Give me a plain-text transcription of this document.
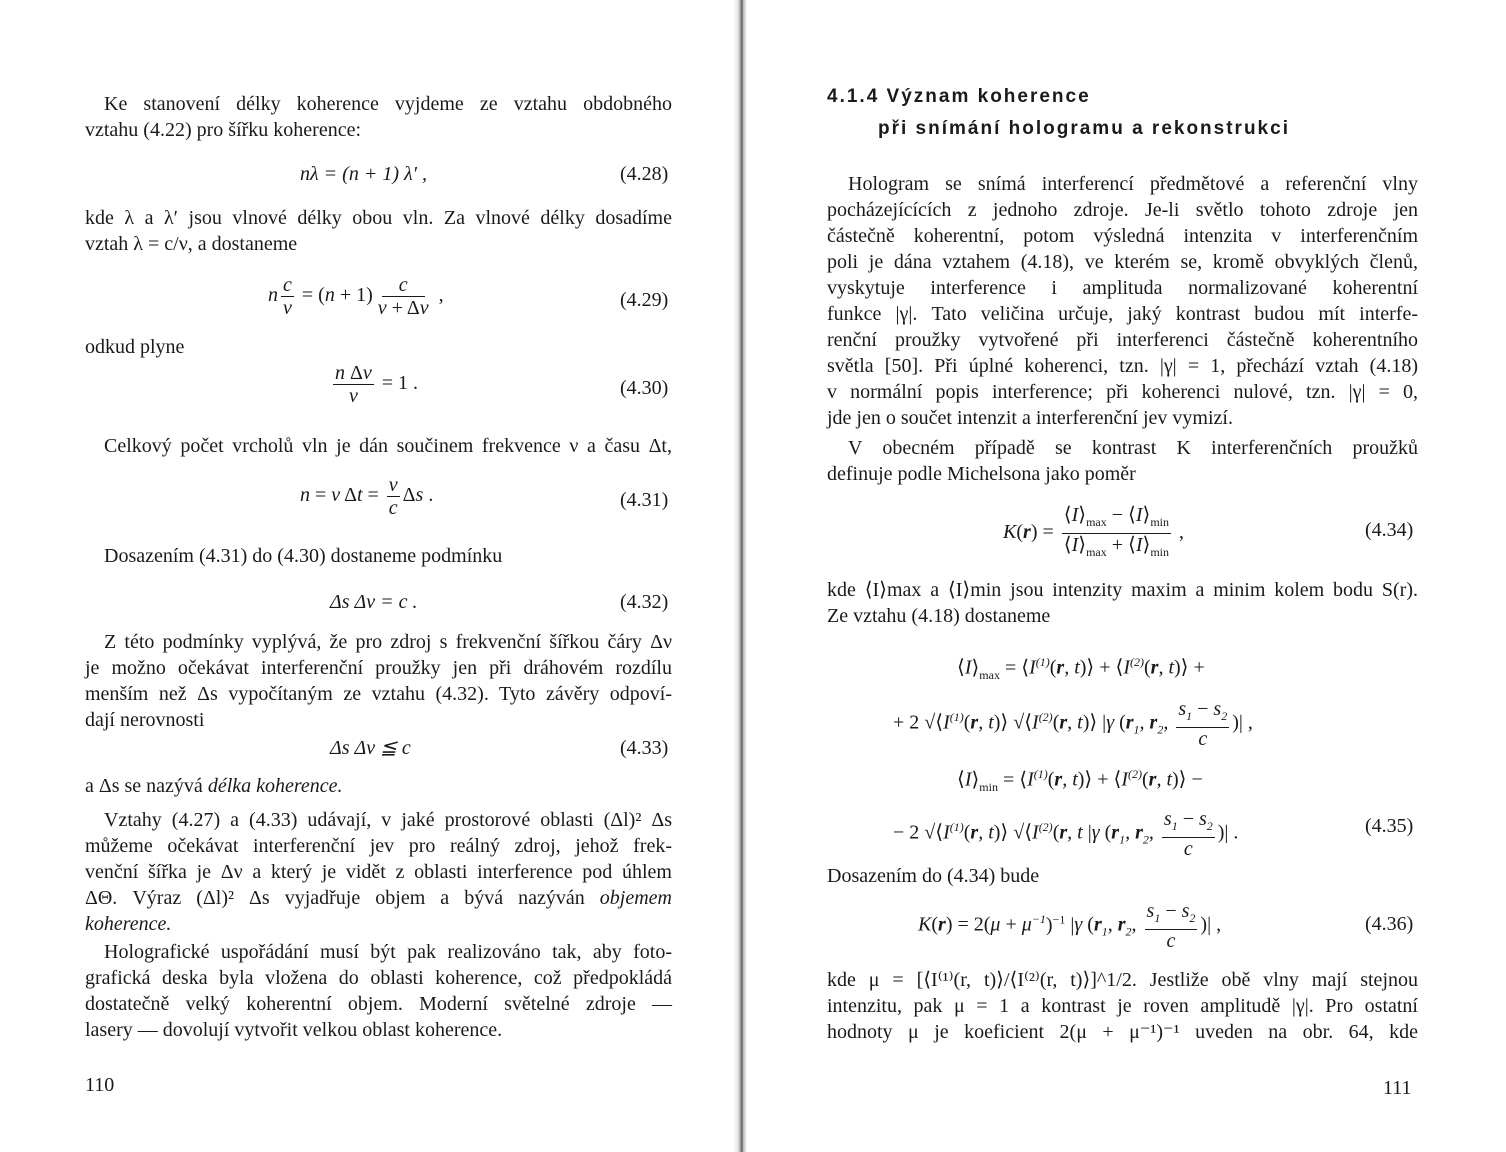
Ke stanovení délky koherence vyjdeme ze vztahu obdobného
vztahu (4.22) pro šířku koherence:
nλ = (n + 1) λ′ ,	(4.28)
kde λ a λ′ jsou vlnové délky obou vln. Za vlnové délky dosadíme
vztah λ = c/ν, a dostaneme
n $\frac{c}{\nu} = (n + 1) \frac{c}{\nu + \Delta\nu}$ ,	(4.29)
odkud plyne
$\frac{\text{n Δν}}{\nu} = 1$ .	(4.30)
Celkový počet vrcholů vln je dán součinem frekvence ν a času Δt,
n = ν $\Delta t = \frac{\nu}{c}$ Δs .	(4.31)
Dosazením (4.31) do (4.30) dostaneme podmínku
Δs Δν = c .	(4.32)
Z této podmínky vyplývá, že pro zdroj s frekvenční šířkou čáry Δν
je možno očekávat interferenční proužky jen při dráhovém rozdílu
menším než Δs vypočítaným ze vztahu (4.32). Tyto závěry odpoví-
dají nerovnosti
Δs Δν ≦ c	(4.33)
a Δs se nazývá délka koherence.
Vztahy (4.27) a (4.33) udávají, v jaké prostorové oblasti (Δl)² Δs
můžeme očekávat interferenční jev pro reálný zdroj, jehož frek-
venční šířka je Δν a který je vidět z oblasti interference pod úhlem
ΔΘ. Výraz (Δl)² Δs vyjadřuje objem a bývá nazýván objemem
koherence.
Holografické uspořádání musí být pak realizováno tak, aby foto-
grafická deska byla vložena do oblasti koherence, což předpokládá
dostatečně velký koherentní objem. Moderní světelné zdroje —
lasery — dovolují vytvořit velkou oblast koherence.
110
4.1.4 Význam koherence
při snímání hologramu a rekonstrukci
Hologram se snímá interferencí předmětové a referenční vlny
pocházejícících z jednoho zdroje. Je-li světlo tohoto zdroje jen
částečně koherentní, potom výsledná intenzita v interferenčním
poli je dána vztahem (4.18), ve kterém se, kromě obvyklých členů,
vyskytuje interference i amplituda normalizované koherentní
funkce |γ|. Tato veličina určuje, jaký kontrast budou mít interfe-
renční proužky vytvořené při interferenci částečně koherentního
světla [50]. Při úplné koherenci, tzn. |γ| = 1, přechází vztah (4.18)
v normální popis interference; při koherenci nulové, tzn. |γ| = 0,
jde jen o součet intenzit a interferenční jev vymizí.
V obecném případě se kontrast K interferenčních proužků
definuje podle Michelsona jako poměr
$K(r) = \frac{⟨I⟩_{max} - ⟨I⟩_{min}}{⟨I⟩_{max} + ⟨I⟩_{min}}$ ,	(4.34)
kde ⟨I⟩max a ⟨I⟩min jsou intenzity maxim a minim kolem bodu S(r).
Ze vztahu (4.18) dostaneme
$⟨I⟩_{max}$ = $⟨I^{(1)}(r$, t)⟩ + $⟨I^{(2)}(r$, t)⟩ +
+ 2 $√⟨I^{(1)}(r$, t)⟩ $√⟨I^{(2)}(r$, t)⟩ |γ ($r_1$, $r_2$, $\frac{s_1 - s_2}{c}$ )| ,
$⟨I⟩_{min}$ = $⟨I^{(1)}(r$, t)⟩ + $⟨I^{(2)}(r$, t)⟩ −
− 2 $√⟨I^{(1)}(r$, t)⟩ $√⟨I^{(2)}(r$, t |γ ($r_1$, $r_2$, $\frac{s_1 - s_2}{c}$ )| .	(4.35)
Dosazením do (4.34) bude
$K(r) = 2(\mu + \mu^{-1})^{-1}$ |γ ($r_1$, $r_2$, $\frac{s_1 - s_2}{c}$ )| ,	(4.36)
kde μ = [⟨I⁽¹⁾(r, t)⟩/⟨I⁽²⁾(r, t)⟩]^1/2. Jestliže obě vlny mají stejnou
intenzitu, pak μ = 1 a kontrast je roven amplitudě |γ|. Pro ostatní
hodnoty μ je koeficient 2(μ + μ⁻¹)⁻¹ uveden na obr. 64, kde
111
